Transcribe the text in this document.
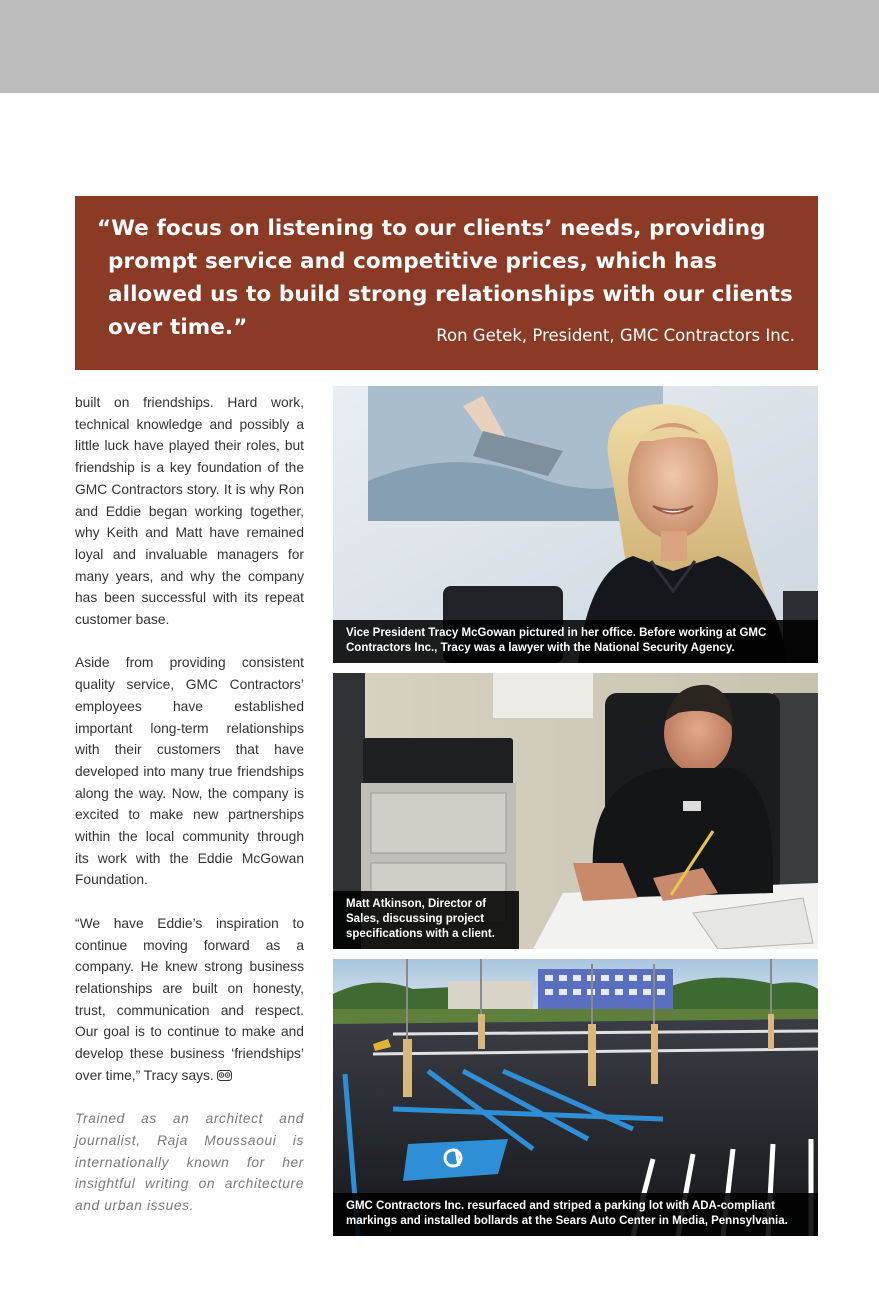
“We focus on listening to our clients’ needs, providing prompt service and competitive prices, which has allowed us to build strong relationships with our clients over time.”	Ron Getek, President, GMC Contractors Inc.

built on friendships. Hard work, technical knowledge and possibly a little luck have played their roles, but friendship is a key foundation of the GMC Contractors story. It is why Ron and Eddie began working together, why Keith and Matt have remained loyal and invaluable managers for many years, and why the company has been successful with its repeat customer base.

Aside from providing consistent quality service, GMC Contractors’ employees have established important long-term relationships with their customers that have developed into many true friendships along the way. Now, the company is excited to make new partnerships within the local community through its work with the Eddie McGowan Foundation.

“We have Eddie’s inspiration to continue moving forward as a company. He knew strong business relationships are built on honesty, trust, communication and respect. Our goal is to continue to make and develop these business ‘friendships’ over time,” Tracy says.

Trained as an architect and journalist, Raja Moussaoui is internationally known for her insightful writing on architecture and urban issues.

Vice President Tracy McGowan pictured in her office. Before working at GMC Contractors Inc., Tracy was a lawyer with the National Security Agency.
Matt Atkinson, Director of Sales, discussing project specifications with a client.
GMC Contractors Inc. resurfaced and striped a parking lot with ADA-compliant markings and installed bollards at the Sears Auto Center in Media, Pennsylvania.
